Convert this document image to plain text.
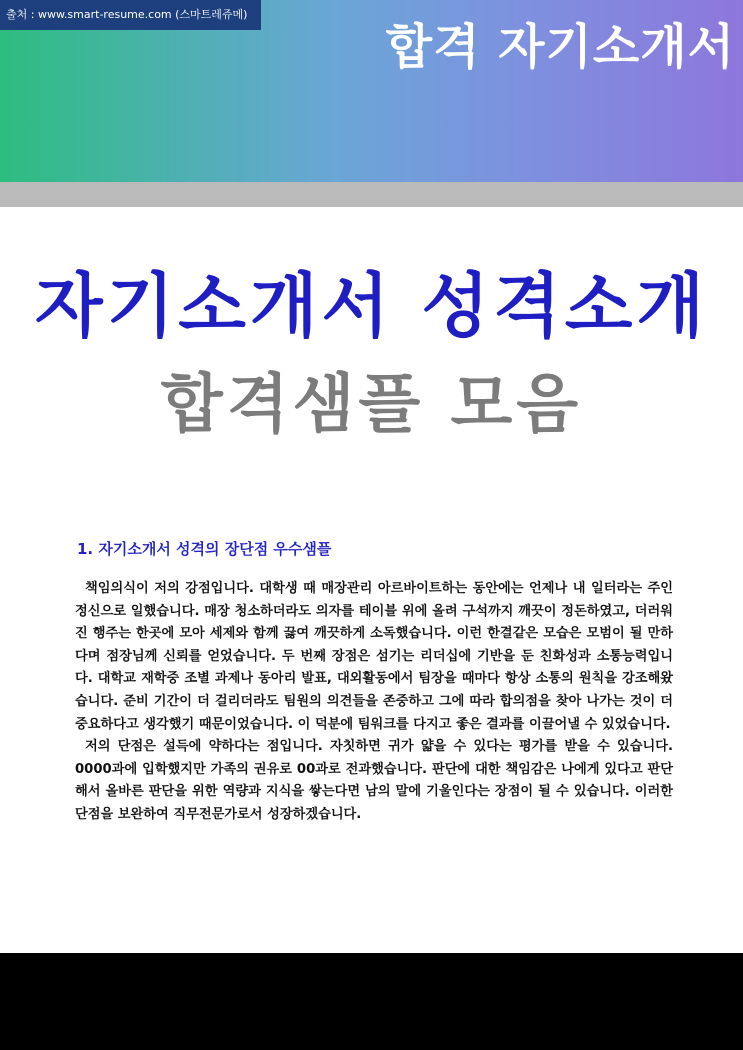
출처 : www.smart-resume.com (스마트레쥬메)
합격 자기소개서
자기소개서 성격소개
합격샘플 모음
1. 자기소개서 성격의 장단점 우수샘플

책임의식이 저의 강점입니다. 대학생 때 매장관리 아르바이트하는 동안에는 언제나 내 일터라는 주인정신으로 일했습니다. 매장 청소하더라도 의자를 테이블 위에 올려 구석까지 깨끗이 정돈하였고, 더러워진 행주는 한곳에 모아 세제와 함께 끓여 깨끗하게 소독했습니다. 이런 한결같은 모습은 모범이 될 만하다며 점장님께 신뢰를 얻었습니다. 두 번째 장점은 섬기는 리더십에 기반을 둔 친화성과 소통능력입니다. 대학교 재학중 조별 과제나 동아리 발표, 대외활동에서 팀장을 때마다 항상 소통의 원칙을 강조해왔습니다. 준비 기간이 더 걸리더라도 팀원의 의견들을 존중하고 그에 따라 합의점을 찾아 나가는 것이 더 중요하다고 생각했기 때문이었습니다. 이 덕분에 팀워크를 다지고 좋은 결과를 이끌어낼 수 있었습니다.

저의 단점은 설득에 약하다는 점입니다. 자칫하면 귀가 얇을 수 있다는 평가를 받을 수 있습니다. 0000과에 입학했지만 가족의 권유로 00과로 전과했습니다. 판단에 대한 책임감은 나에게 있다고 판단해서 올바른 판단을 위한 역량과 지식을 쌓는다면 남의 말에 기울인다는 장점이 될 수 있습니다. 이러한 단점을 보완하여 직무전문가로서 성장하겠습니다.
